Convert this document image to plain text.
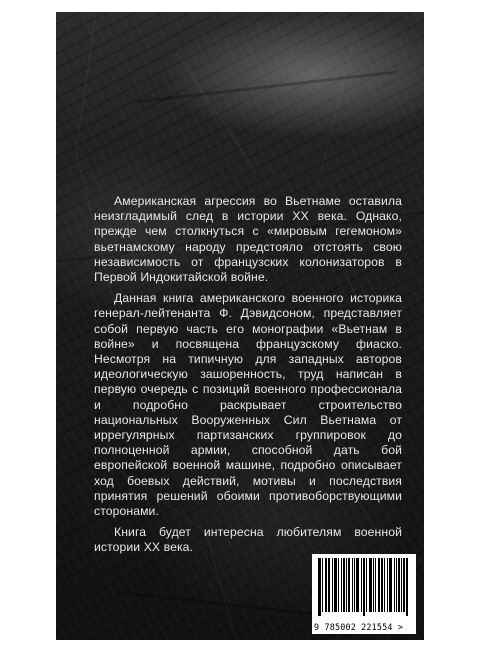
Американская агрессия во Вьетнаме оставила неизгладимый след в истории XX века. Однако, прежде чем столкнуться с «мировым гегемоном» вьетнамскому народу предстояло отстоять свою независимость от французских колонизаторов в Первой Индокитайской войне.

Данная книга американского военного историка генерал-лейтенанта Ф. Дэвидсоном, представляет собой первую часть его монографии «Вьетнам в войне» и посвящена французскому фиаско. Несмотря на типичную для западных авторов идеологическую зашоренность, труд написан в первую очередь с позиций военного профессионала и подробно раскрывает строительство национальных Вооруженных Сил Вьетнама от иррегулярных партизанских группировок до полноценной армии, способной дать бой европейской военной машине, подробно описывает ход боевых действий, мотивы и последствия принятия решений обоими противоборствующими сторонами.

Книга будет интересна любителям военной истории XX века.

9 785002 221554 >
